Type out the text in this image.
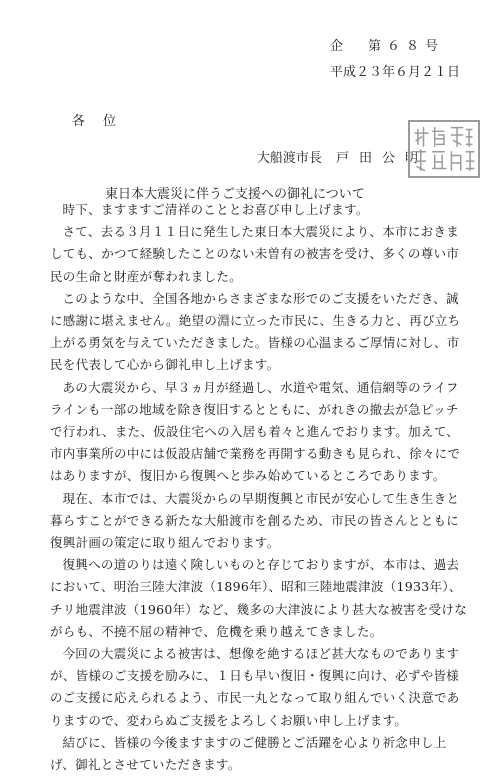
企　第６８号
平成２３年６月２１日
各位
大船渡市長 戸田公明
東日本大震災に伴うご支援への御礼について

時下、ますますご清祥のこととお喜び申し上げます。

さて、去る３月１１日に発生した東日本大震災により、本市におきましても、かつて経験したことのない未曽有の被害を受け、多くの尊い市民の生命と財産が奪われました。

このような中、全国各地からさまざまな形でのご支援をいただき、誠に感謝に堪えません。絶望の淵に立った市民に、生きる力と、再び立ち上がる勇気を与えていただきました。皆様の心温まるご厚情に対し、市民を代表して心から御礼申し上げます。

あの大震災から、早３ヵ月が経過し、水道や電気、通信網等のライフラインも一部の地域を除き復旧するとともに、がれきの撤去が急ピッチで行われ、また、仮設住宅への入居も着々と進んでおります。加えて、市内事業所の中には仮設店舗で業務を再開する動きも見られ、徐々にではありますが、復旧から復興へと歩み始めているところであります。

現在、本市では、大震災からの早期復興と市民が安心して生き生きと暮らすことができる新たな大船渡市を創るため、市民の皆さんとともに復興計画の策定に取り組んでおります。

復興への道のりは遠く険しいものと存じておりますが、本市は、過去において、明治三陸大津波（1896年）、昭和三陸地震津波（1933年）、チリ地震津波（1960年）など、幾多の大津波により甚大な被害を受けながらも、不撓不屈の精神で、危機を乗り越えてきました。

今回の大震災による被害は、想像を絶するほど甚大なものでありますが、皆様のご支援を励みに、１日も早い復旧・復興に向け、必ずや皆様のご支援に応えられるよう、市民一丸となって取り組んでいく決意でありますので、変わらぬご支援をよろしくお願い申し上げます。

結びに、皆様の今後ますますのご健勝とご活躍を心より祈念申し上げ、御礼とさせていただきます。
